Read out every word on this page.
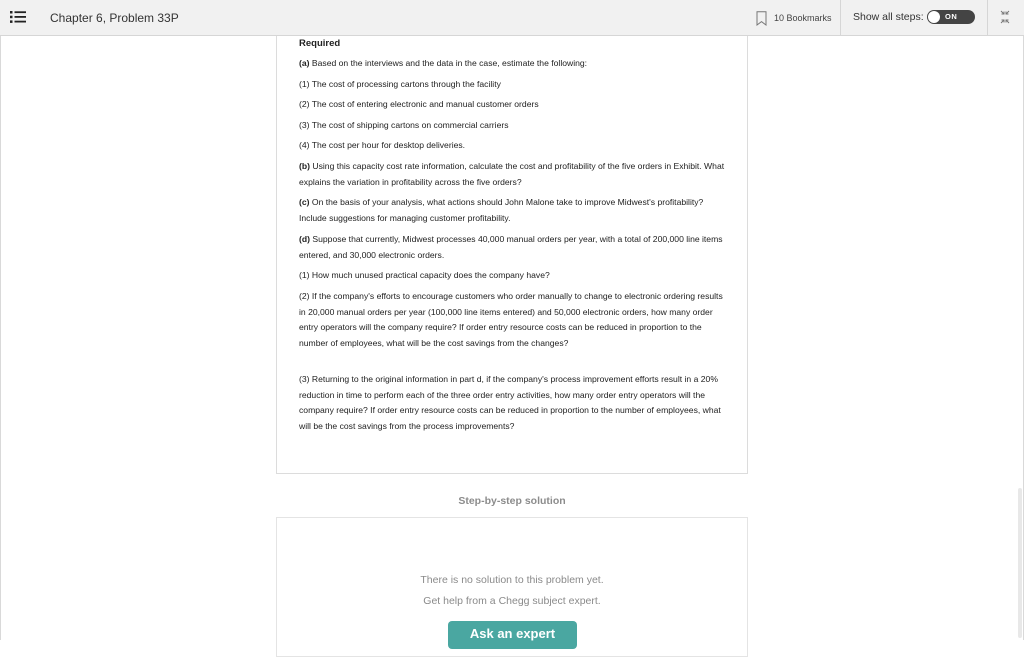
Chapter 6, Problem 33P	10 Bookmarks Show all steps:	ON
Required
(a) Based on the interviews and the data in the case, estimate the following:
(1) The cost of processing cartons through the facility
(2) The cost of entering electronic and manual customer orders
(3) The cost of shipping cartons on commercial carriers
(4) The cost per hour for desktop deliveries.
(b) Using this capacity cost rate information, calculate the cost and profitability of the five orders in Exhibit. What explains the variation in profitability across the five orders?
(c) On the basis of your analysis, what actions should John Malone take to improve Midwest's profitability? Include suggestions for managing customer profitability.
(d) Suppose that currently, Midwest processes 40,000 manual orders per year, with a total of 200,000 line items entered, and 30,000 electronic orders.
(1) How much unused practical capacity does the company have?
(2) If the company's efforts to encourage customers who order manually to change to electronic ordering results in 20,000 manual orders per year (100,000 line items entered) and 50,000 electronic orders, how many order entry operators will the company require? If order entry resource costs can be reduced in proportion to the number of employees, what will be the cost savings from the changes?
(3) Returning to the original information in part d, if the company's process improvement efforts result in a 20% reduction in time to perform each of the three order entry activities, how many order entry operators will the company require? If order entry resource costs can be reduced in proportion to the number of employees, what will be the cost savings from the process improvements?
Step-by-step solution
There is no solution to this problem yet.
Get help from a Chegg subject expert.
Ask an expert
